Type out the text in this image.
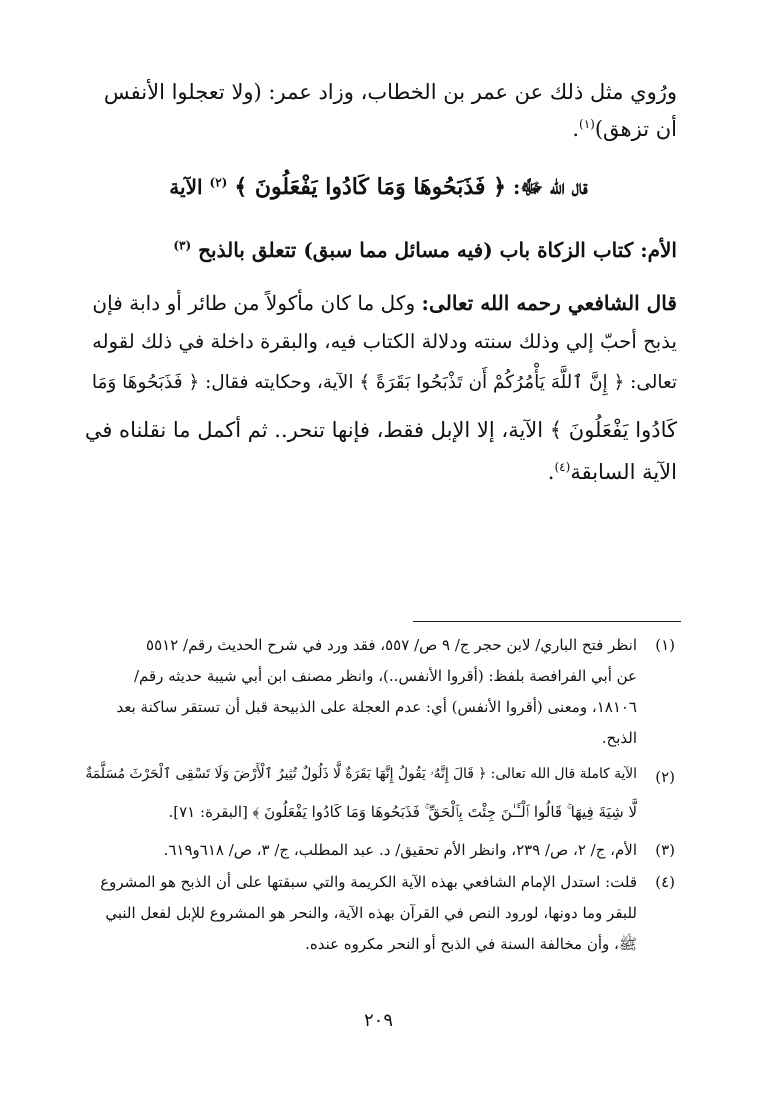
ورُوي مثل ذلك عن عمر بن الخطاب، وزاد عمر: (ولا تعجلوا الأنفس
أن تزهق)$^{(١)}$.
قال الله ﷻ: ﴿ فَذَبَحُوهَا وَمَا كَادُوا يَفْعَلُونَ ﴾ $^{(٢)}$ الآية
الأم: كتاب الزكاة باب (فيه مسائل مما سبق) تتعلق بالذبح $^{(٣)}$
قال الشافعي رحمه الله تعالى: وكل ما كان مأكولاً من طائر أو دابة فإن
يذبح أحبّ إلي وذلك سنته ودلالة الكتاب فيه، والبقرة داخلة في ذلك لقوله
تعالى: ﴿ إِنَّ ٱللَّهَ يَأْمُرُكُمْ أَن تَذْبَحُوا بَقَرَةً ﴾ الآية، وحكايته فقال: ﴿ فَذَبَحُوهَا وَمَا
كَادُوا يَفْعَلُونَ ﴾ الآية، إلا الإبل فقط، فإنها تنحر.. ثم أكمل ما نقلناه في
الآية السابقة$^{(٤)}$.
(١)
انظر فتح الباري/ لابن حجر ج/ ٩ ص/ ٥٥٧، فقد ورد في شرح الحديث رقم/ ٥٥١٢
عن أبي الفرافصة بلفظ: (أقروا الأنفس..)، وانظر مصنف ابن أبي شيبة حديثه رقم/
١٨١٠٦، ومعنى (أقروا الأنفس) أي: عدم العجلة على الذبيحة قبل أن تستقر ساكنة بعد
الذبح.
(٢)
الآية كاملة قال الله تعالى: ﴿ قَالَ إِنَّهُۥ يَقُولُ إِنَّهَا بَقَرَةٌ لَّا ذَلُولٌ تُثِيرُ ٱلْأَرْضَ وَلَا تَسْقِى ٱلْحَرْثَ مُسَلَّمَةٌ
لَّا شِيَةَ فِيهَا ۚ قَالُوا ٱلْـَٔـٰنَ جِئْتَ بِٱلْحَقِّ ۚ فَذَبَحُوهَا وَمَا كَادُوا يَفْعَلُونَ ﴾ [البقرة: ٧١].
(٣)
الأم، ج/ ٢، ص/ ٢٣٩، وانظر الأم تحقيق/ د. عبد المطلب، ج/ ٣، ص/ ٦١٨و٦١٩.
(٤)
قلت: استدل الإمام الشافعي بهذه الآية الكريمة والتي سبقتها على أن الذبح هو المشروع
للبقر وما دونها، لورود النص في القرآن بهذه الآية، والنحر هو المشروع للإبل لفعل النبي
ﷺ، وأن مخالفة السنة في الذبح أو النحر مكروه عنده.
٢٠٩
